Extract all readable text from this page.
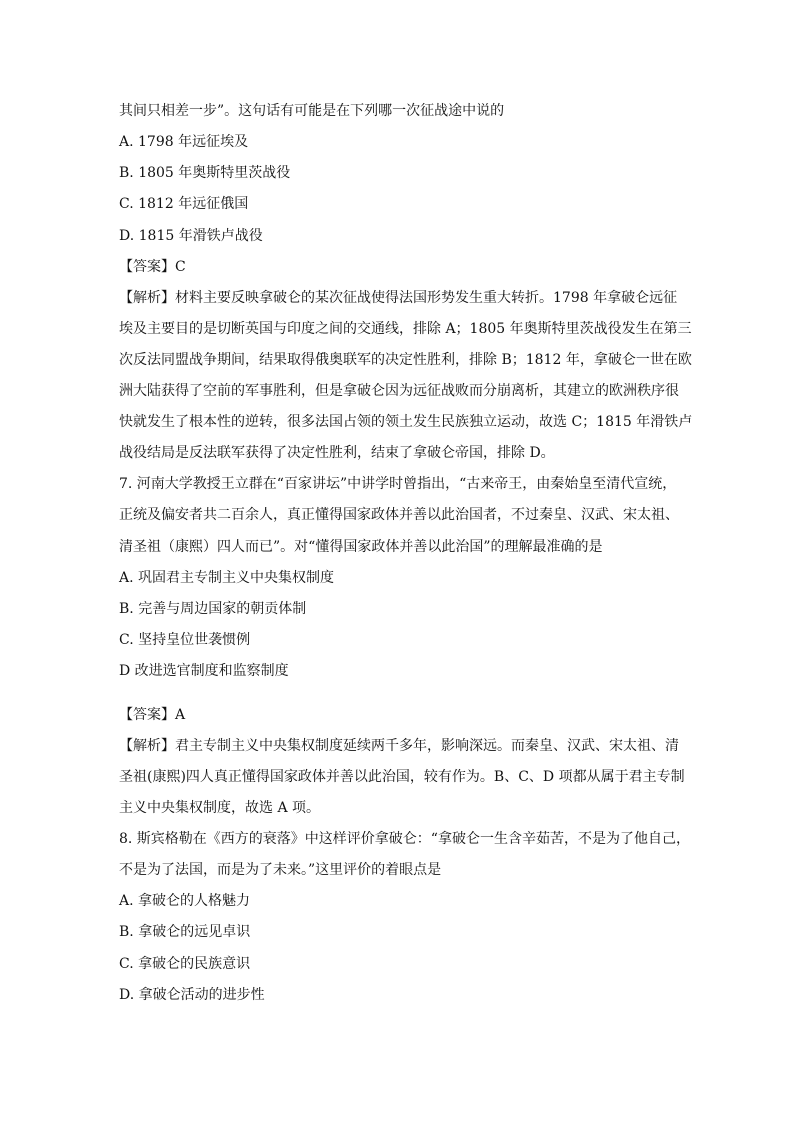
其间只相差一步”。这句话有可能是在下列哪一次征战途中说的
A. 1798 年远征埃及
B. 1805 年奥斯特里茨战役
C. 1812 年远征俄国
D. 1815 年滑铁卢战役
【答案】C
【解析】材料主要反映拿破仑的某次征战使得法国形势发生重大转折。1798 年拿破仑远征
埃及主要目的是切断英国与印度之间的交通线，排除 A；1805 年奥斯特里茨战役发生在第三
次反法同盟战争期间，结果取得俄奥联军的决定性胜利，排除 B；1812 年，拿破仑一世在欧
洲大陆获得了空前的军事胜利，但是拿破仑因为远征战败而分崩离析，其建立的欧洲秩序很
快就发生了根本性的逆转，很多法国占领的领土发生民族独立运动，故选 C；1815 年滑铁卢
战役结局是反法联军获得了决定性胜利，结束了拿破仑帝国，排除 D。
7. 河南大学教授王立群在“百家讲坛”中讲学时曾指出，“古来帝王，由秦始皇至清代宣统，
正统及偏安者共二百余人，真正懂得国家政体并善以此治国者，不过秦皇、汉武、宋太祖、
清圣祖（康熙）四人而已”。对“懂得国家政体并善以此治国”的理解最准确的是
A. 巩固君主专制主义中央集权制度
B. 完善与周边国家的朝贡体制
C. 坚持皇位世袭惯例
D 改进选官制度和监察制度
【答案】A
【解析】君主专制主义中央集权制度延续两千多年，影响深远。而秦皇、汉武、宋太祖、清
圣祖(康熙)四人真正懂得国家政体并善以此治国，较有作为。B、C、D 项都从属于君主专制
主义中央集权制度，故选 A 项。
8. 斯宾格勒在《西方的衰落》中这样评价拿破仑：“拿破仑一生含辛茹苦，不是为了他自己，
不是为了法国，而是为了未来。”这里评价的着眼点是
A. 拿破仑的人格魅力
B. 拿破仑的远见卓识
C. 拿破仑的民族意识
D. 拿破仑活动的进步性
